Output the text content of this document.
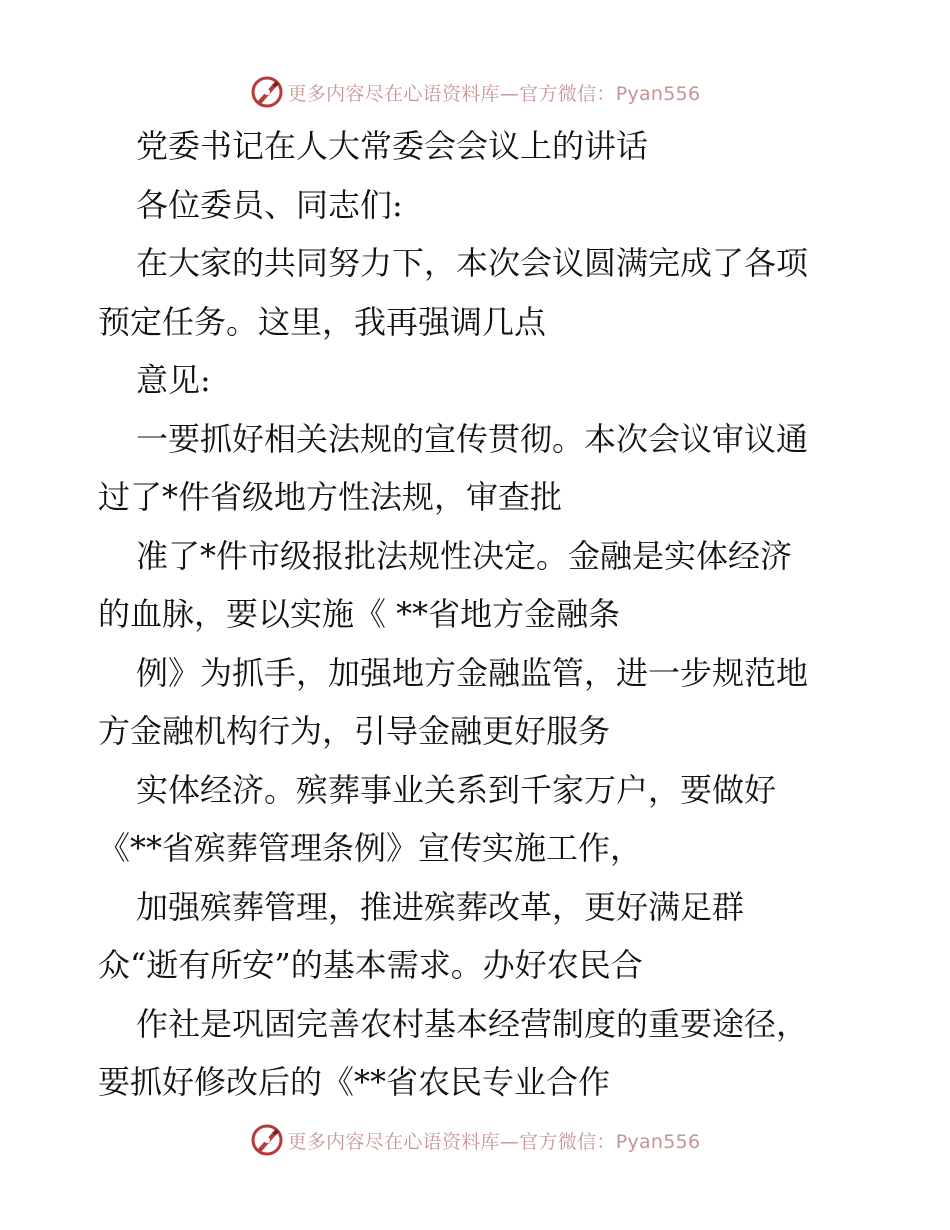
更多内容尽在心语资料库—官方微信：Pyan556
党委书记在人大常委会会议上的讲话
各位委员、同志们:
在大家的共同努力下，本次会议圆满完成了各项
预定任务。这里，我再强调几点
意见:
一要抓好相关法规的宣传贯彻。本次会议审议通
过了*件省级地方性法规，审查批
准了*件市级报批法规性决定。金融是实体经济
的血脉，要以实施《 **省地方金融条
例》为抓手，加强地方金融监管，进一步规范地
方金融机构行为，引导金融更好服务
实体经济。殡葬事业关系到千家万户，要做好
《**省殡葬管理条例》宣传实施工作，
加强殡葬管理，推进殡葬改革，更好满足群
众“逝有所安”的基本需求。办好农民合
作社是巩固完善农村基本经营制度的重要途径，
要抓好修改后的《**省农民专业合作
更多内容尽在心语资料库—官方微信：Pyan556
